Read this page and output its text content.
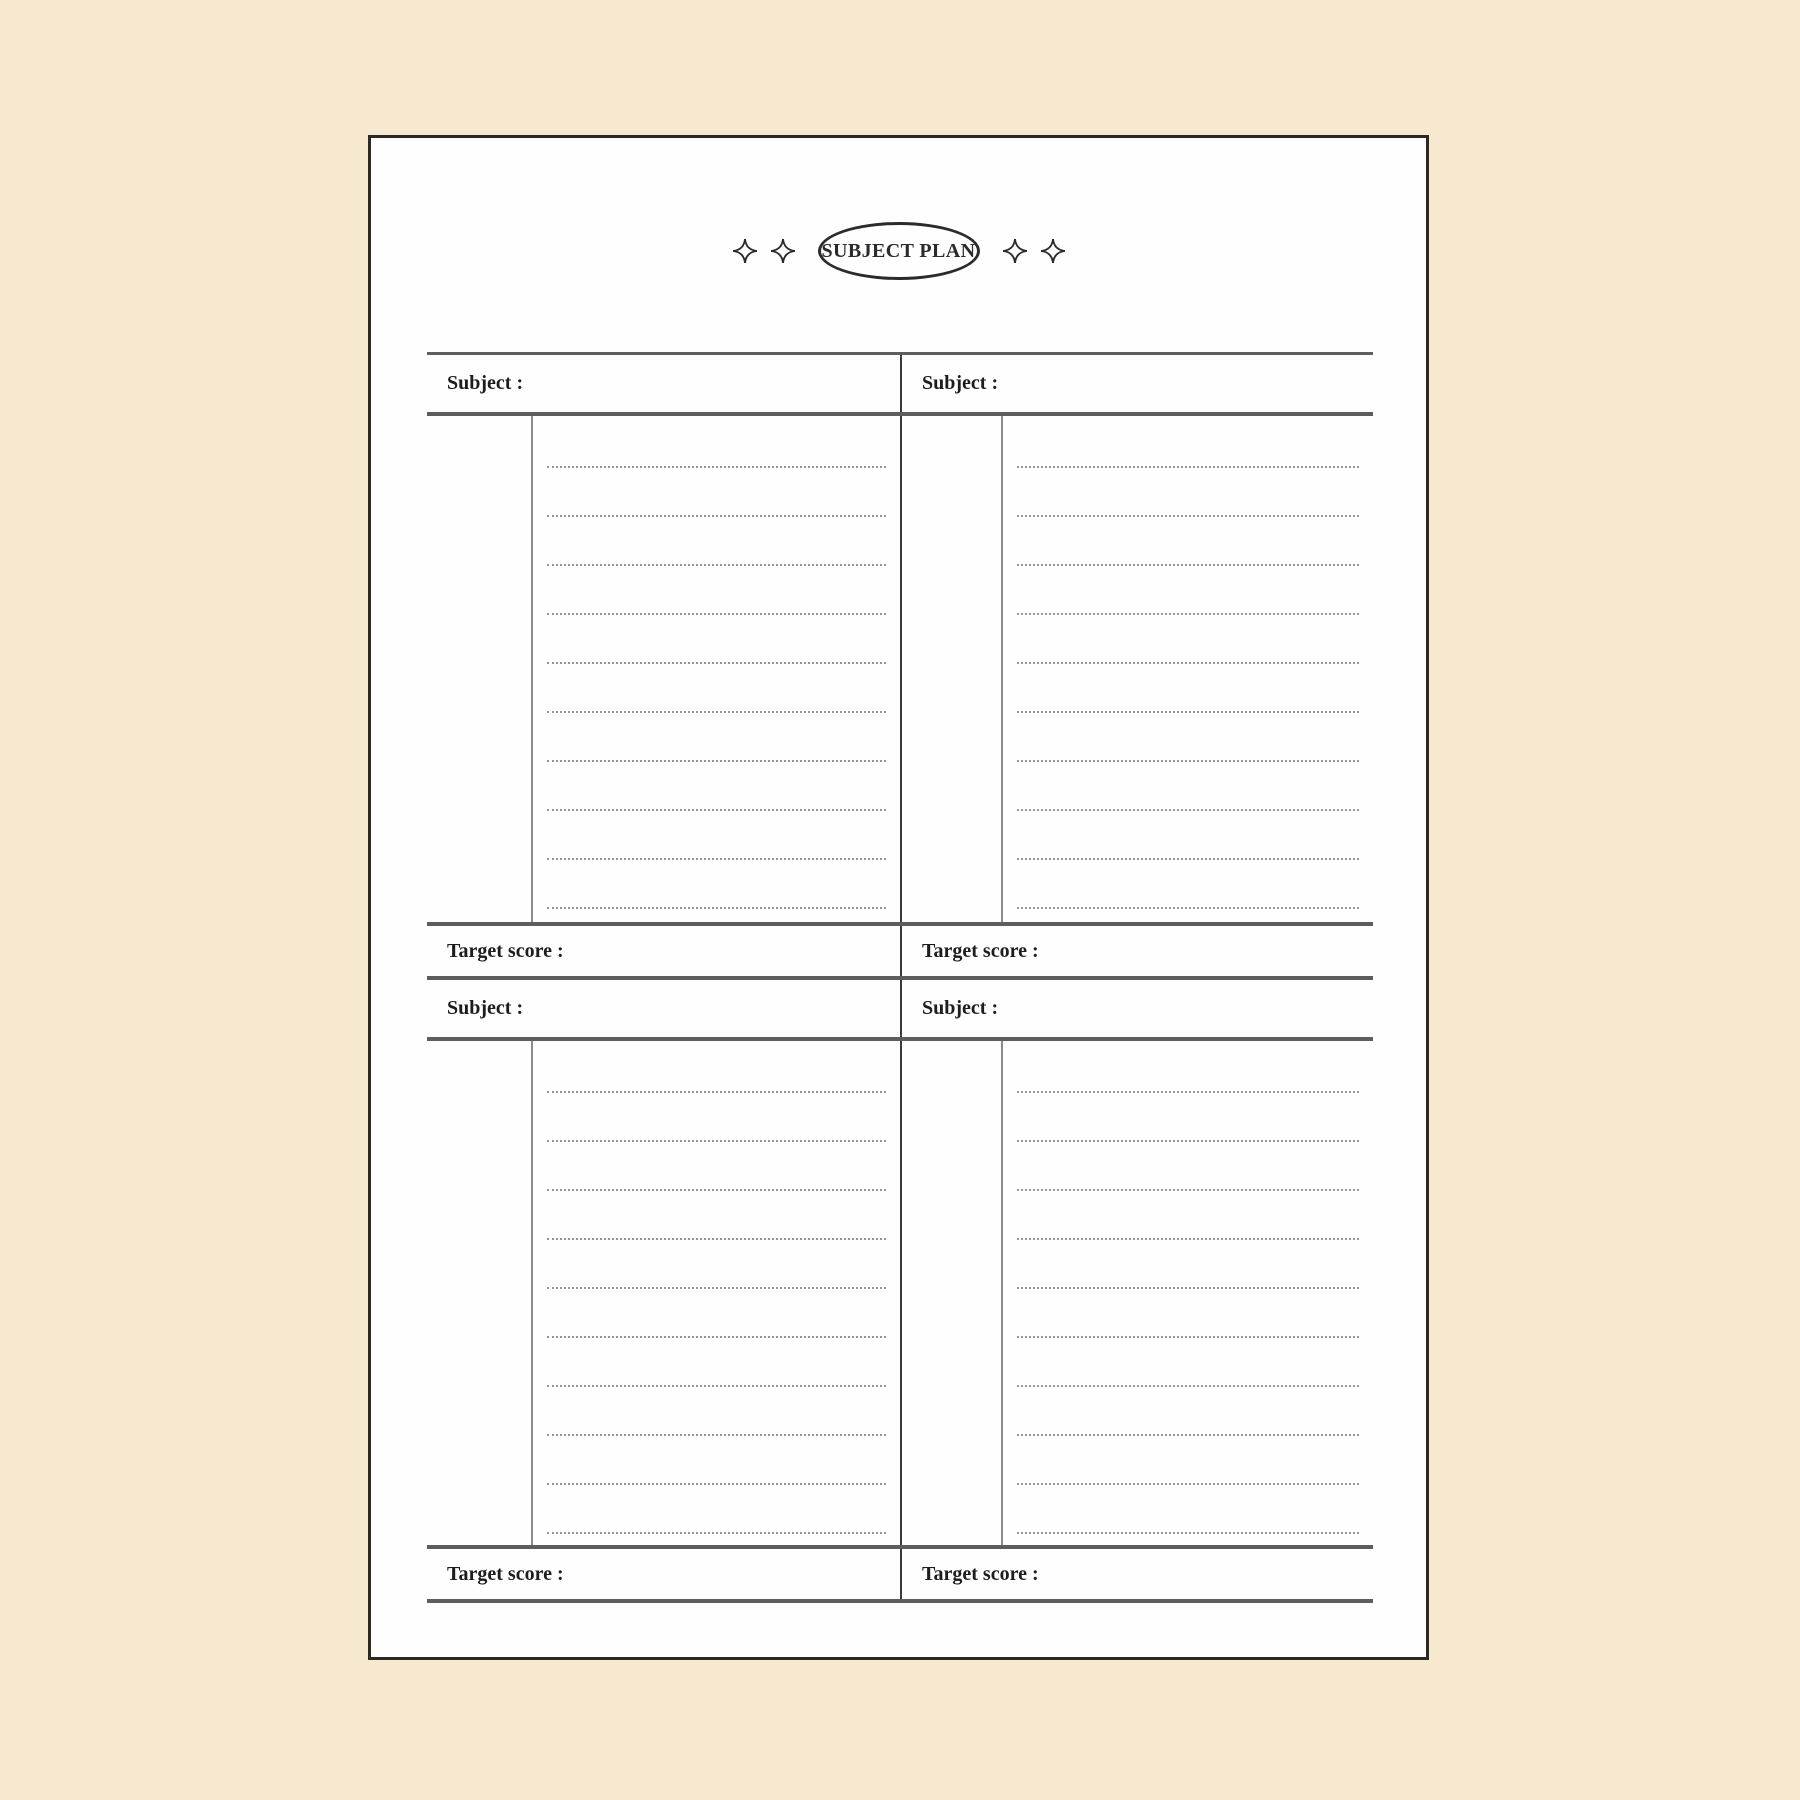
SUBJECT PLAN
Subject :	Subject :
Target score :	Target score :
Subject :	Subject :
Target score :	Target score :
